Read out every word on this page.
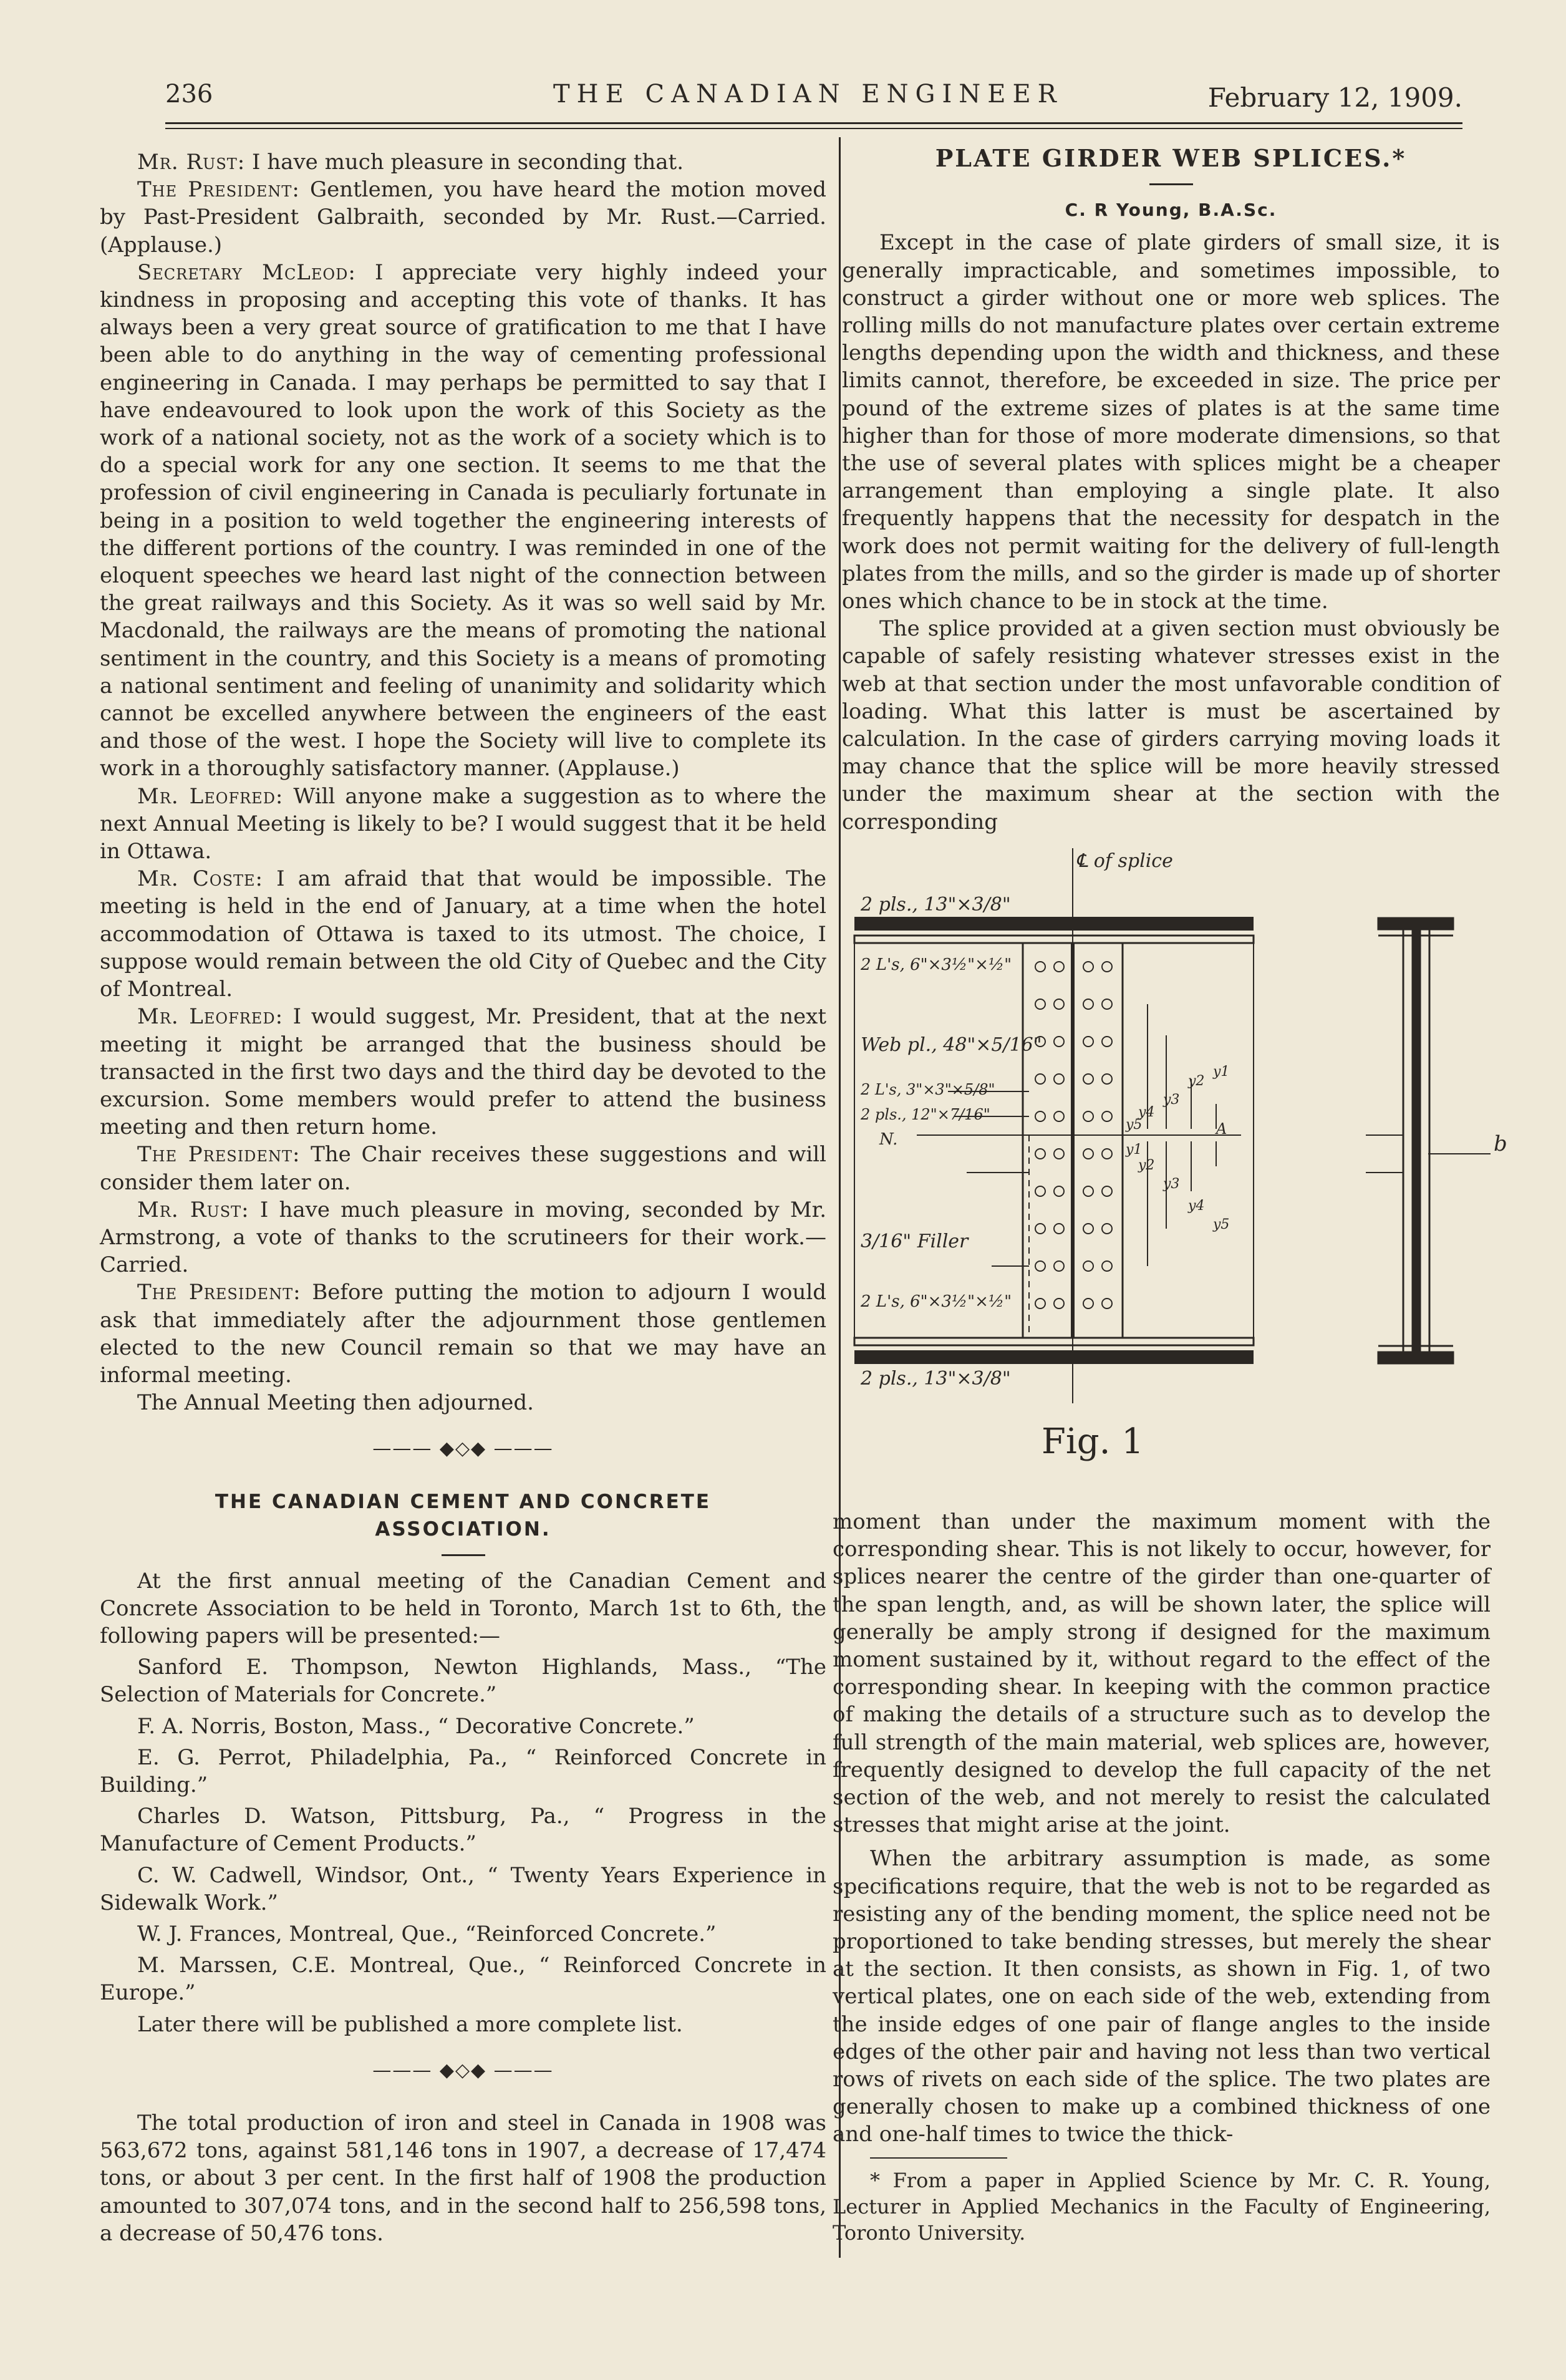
236	THE CANADIAN ENGINEER	February 12, 1909.

Mr. Rust: I have much pleasure in seconding that.

The President: Gentlemen, you have heard the motion moved by Past-President Galbraith, seconded by Mr. Rust.—Carried. (Applause.)

Secretary McLeod: I appreciate very highly indeed your kindness in proposing and accepting this vote of thanks. It has always been a very great source of gratification to me that I have been able to do anything in the way of cementing professional engineering in Canada. I may perhaps be permitted to say that I have endeavoured to look upon the work of this Society as the work of a national society, not as the work of a society which is to do a special work for any one section. It seems to me that the profession of civil engineering in Canada is peculiarly fortunate in being in a position to weld together the engineering interests of the different portions of the country. I was reminded in one of the eloquent speeches we heard last night of the connection between the great railways and this Society. As it was so well said by Mr. Macdonald, the railways are the means of promoting the national sentiment in the country, and this Society is a means of promoting a national sentiment and feeling of unanimity and solidarity which cannot be excelled anywhere between the engineers of the east and those of the west. I hope the Society will live to complete its work in a thoroughly satisfactory manner. (Applause.)

Mr. Leofred: Will anyone make a suggestion as to where the next Annual Meeting is likely to be? I would suggest that it be held in Ottawa.

Mr. Coste: I am afraid that that would be impossible. The meeting is held in the end of January, at a time when the hotel accommodation of Ottawa is taxed to its utmost. The choice, I suppose would remain between the old City of Quebec and the City of Montreal.

Mr. Leofred: I would suggest, Mr. President, that at the next meeting it might be arranged that the business should be transacted in the first two days and the third day be devoted to the excursion. Some members would prefer to attend the business meeting and then return home.

The President: The Chair receives these suggestions and will consider them later on.

Mr. Rust: I have much pleasure in moving, seconded by Mr. Armstrong, a vote of thanks to the scrutineers for their work.—Carried.

The President: Before putting the motion to adjourn I would ask that immediately after the adjournment those gentlemen elected to the new Council remain so that we may have an informal meeting.

The Annual Meeting then adjourned.

——— ◆◇◆ ———
THE CANADIAN CEMENT AND CONCRETE ASSOCIATION.

At the first annual meeting of the Canadian Cement and Concrete Association to be held in Toronto, March 1st to 6th, the following papers will be presented:—

Sanford E. Thompson, Newton Highlands, Mass., “The Selection of Materials for Concrete.”

F. A. Norris, Boston, Mass., “ Decorative Concrete.”

E. G. Perrot, Philadelphia, Pa., “ Reinforced Concrete in Building.”

Charles D. Watson, Pittsburg, Pa., “ Progress in the Manufacture of Cement Products.”

C. W. Cadwell, Windsor, Ont., “ Twenty Years Experience in Sidewalk Work.”

W. J. Frances, Montreal, Que., “Reinforced Concrete.”

M. Marssen, C.E. Montreal, Que., “ Reinforced Concrete in Europe.”

Later there will be published a more complete list.

——— ◆◇◆ ———

The total production of iron and steel in Canada in 1908 was 563,672 tons, against 581,146 tons in 1907, a decrease of 17,474 tons, or about 3 per cent. In the first half of 1908 the production amounted to 307,074 tons, and in the second half to 256,598 tons, a decrease of 50,476 tons.

PLATE GIRDER WEB SPLICES.*
C. R Young, B.A.Sc.

Except in the case of plate girders of small size, it is generally impracticable, and sometimes impossible, to construct a girder without one or more web splices. The rolling mills do not manufacture plates over certain extreme lengths depending upon the width and thickness, and these limits cannot, therefore, be exceeded in size. The price per pound of the extreme sizes of plates is at the same time higher than for those of more moderate dimensions, so that the use of several plates with splices might be a cheaper arrangement than employing a single plate. It also frequently happens that the necessity for despatch in the work does not permit waiting for the delivery of full-length plates from the mills, and so the girder is made up of shorter ones which chance to be in stock at the time.

The splice provided at a given section must obviously be capable of safely resisting whatever stresses exist in the web at that section under the most unfavorable condition of loading. What this latter is must be ascertained by calculation. In the case of girders carrying moving loads it may chance that the splice will be more heavily stressed under the maximum shear at the section with the corresponding

℄ of splice
2 pls., 13"×3/8"
2 L's, 6"×3½"×½"
Web pl., 48"×5/16"
2 L's, 3"×3"×5/8"
2 pls., 12"×7/16"
N.
3/16" Filler
2 L's, 6"×3½"×½"
2 pls., 13"×3/8"
b
A
y1
y2
y3
y4
y5
y1
y2
y3
y4
y5
Fig. 1

moment than under the maximum moment with the corresponding shear. This is not likely to occur, however, for splices nearer the centre of the girder than one-quarter of the span length, and, as will be shown later, the splice will generally be amply strong if designed for the maximum moment sustained by it, without regard to the effect of the corresponding shear. In keeping with the common practice of making the details of a structure such as to develop the full strength of the main material, web splices are, however, frequently designed to develop the full capacity of the net section of the web, and not merely to resist the calculated stresses that might arise at the joint.

When the arbitrary assumption is made, as some specifications require, that the web is not to be regarded as resisting any of the bending moment, the splice need not be proportioned to take bending stresses, but merely the shear at the section. It then consists, as shown in Fig. 1, of two vertical plates, one on each side of the web, extending from the inside edges of one pair of flange angles to the inside edges of the other pair and having not less than two vertical rows of rivets on each side of the splice. The two plates are generally chosen to make up a combined thickness of one and one-half times to twice the thick-

* From a paper in Applied Science by Mr. C. R. Young, Lecturer in Applied Mechanics in the Faculty of Engineering, Toronto University.
